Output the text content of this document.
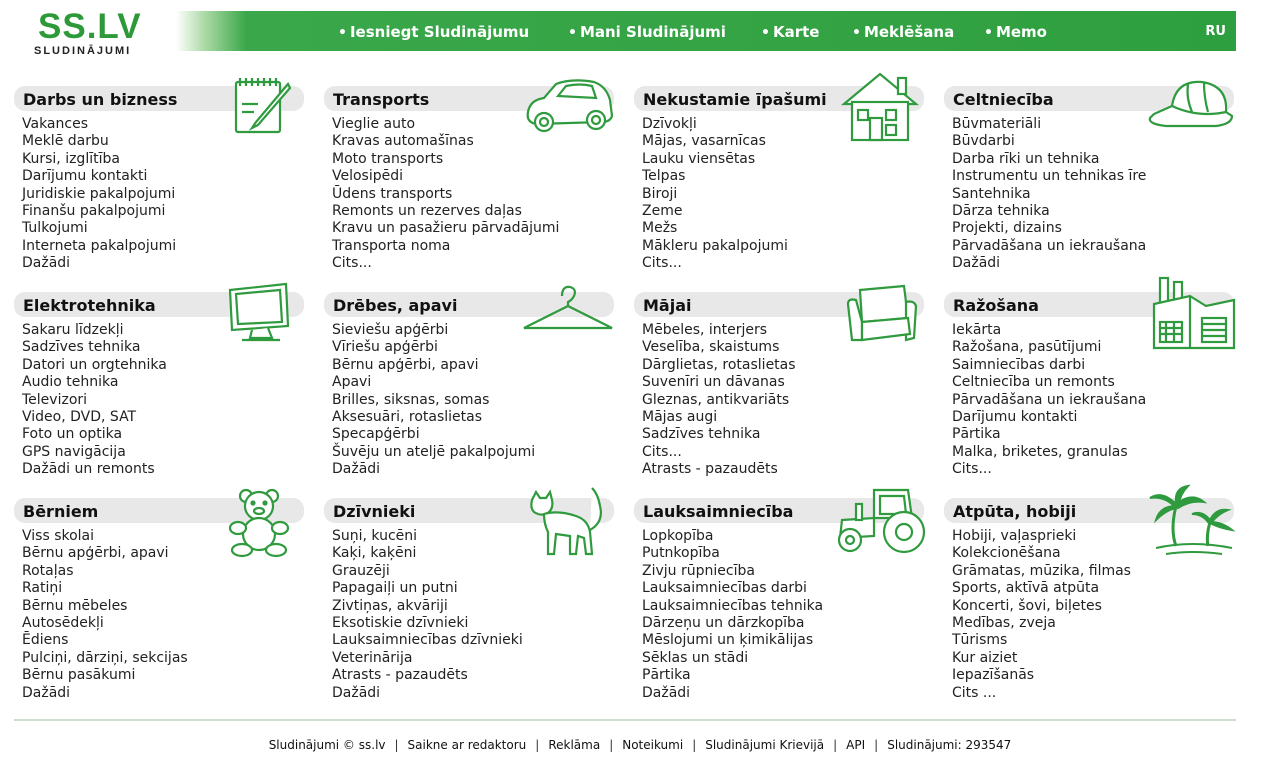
SS.LV
SLUDINĀJUMI
• Iesniegt Sludinājumu	• Mani Sludinājumi	• Karte • Meklēšana • Memo	RU
Darbs un bizness
Vakances
Meklē darbu
Kursi, izglītība
Darījumu kontakti
Juridiskie pakalpojumi
Finanšu pakalpojumi
Tulkojumi
Interneta pakalpojumi
Dažādi
Transports
Vieglie auto
Kravas automašīnas
Moto transports
Velosipēdi
Ūdens transports
Remonts un rezerves daļas
Kravu un pasažieru pārvadājumi
Transporta noma
Cits...
Nekustamie īpašumi
Dzīvokļi
Mājas, vasarnīcas
Lauku viensētas
Telpas
Biroji
Zeme
Mežs
Mākleru pakalpojumi
Cits...
Celtniecība
Būvmateriāli
Būvdarbi
Darba rīki un tehnika
Instrumentu un tehnikas īre
Santehnika
Dārza tehnika
Projekti, dizains
Pārvadāšana un iekraušana
Dažādi
Elektrotehnika
Sakaru līdzekļi
Sadzīves tehnika
Datori un orgtehnika
Audio tehnika
Televizori
Video, DVD, SAT
Foto un optika
GPS navigācija
Dažādi un remonts
Drēbes, apavi
Sieviešu apģērbi
Vīriešu apģērbi
Bērnu apģērbi, apavi
Apavi
Brilles, siksnas, somas
Aksesuāri, rotaslietas
Specapģērbi
Šuvēju un ateljē pakalpojumi
Dažādi
Mājai
Mēbeles, interjers
Veselība, skaistums
Dārglietas, rotaslietas
Suvenīri un dāvanas
Gleznas, antikvariāts
Mājas augi
Sadzīves tehnika
Cits...
Atrasts - pazaudēts
Ražošana
Iekārta
Ražošana, pasūtījumi
Saimniecības darbi
Celtniecība un remonts
Pārvadāšana un iekraušana
Darījumu kontakti
Pārtika
Malka, briketes, granulas
Cits...
Bērniem
Viss skolai
Bērnu apģērbi, apavi
Rotaļas
Ratiņi
Bērnu mēbeles
Autosēdekļi
Ēdiens
Pulciņi, dārziņi, sekcijas
Bērnu pasākumi
Dažādi
Dzīvnieki
Suņi, kucēni
Kaķi, kaķēni
Grauzēji
Papagaiļi un putni
Zivtiņas, akvāriji
Eksotiskie dzīvnieki
Lauksaimniecības dzīvnieki
Veterinārija
Atrasts - pazaudēts
Dažādi
Lauksaimniecība
Lopkopība
Putnkopība
Zivju rūpniecība
Lauksaimniecības darbi
Lauksaimniecības tehnika
Dārzeņu un dārzkopība
Mēslojumi un ķimikālijas
Sēklas un stādi
Pārtika
Dažādi
Atpūta, hobiji
Hobiji, vaļasprieki
Kolekcionēšana
Grāmatas, mūzika, filmas
Sports, aktīvā atpūta
Koncerti, šovi, biļetes
Medības, zveja
Tūrisms
Kur aiziet
Iepazīšanās
Cits ...
Sludinājumi © ss.lv | Saikne ar redaktoru | Reklāma | Noteikumi | Sludinājumi Krievijā | API | Sludinājumi: 293547
